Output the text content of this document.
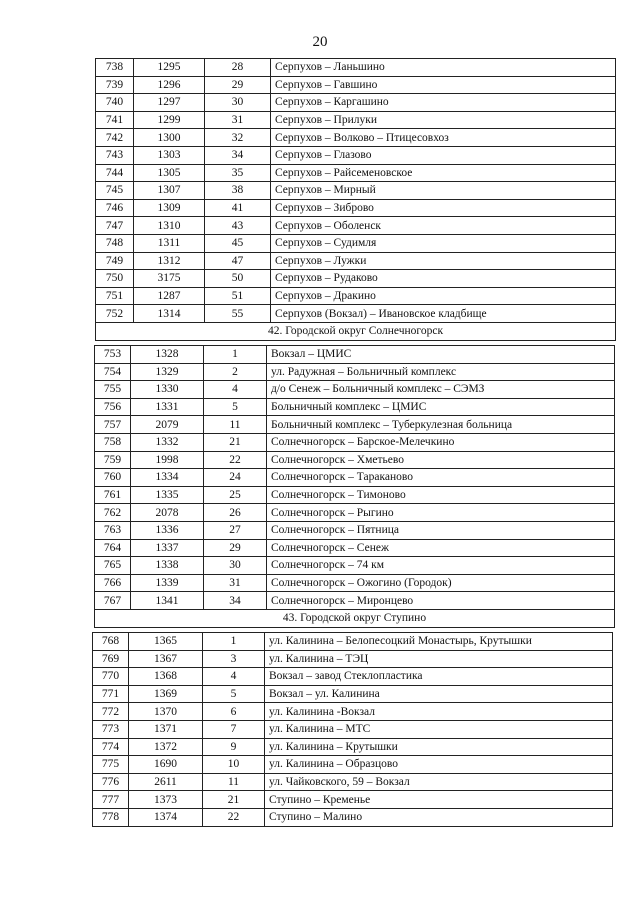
20
738	1295	28	Серпухов – Ланьшино
739	1296	29	Серпухов – Гавшино
740	1297	30	Серпухов – Каргашино
741	1299	31	Серпухов – Прилуки
742	1300	32	Серпухов – Волково – Птицесовхоз
743	1303	34	Серпухов – Глазово
744	1305	35	Серпухов – Райсеменовское
745	1307	38	Серпухов – Мирный
746	1309	41	Серпухов – Зиброво
747	1310	43	Серпухов – Оболенск
748	1311	45	Серпухов – Судимля
749	1312	47	Серпухов – Лужки
750	3175	50	Серпухов – Рудаково
751	1287	51	Серпухов – Дракино
752	1314	55	Серпухов (Вокзал) – Ивановское кладбище
42. Городской округ Солнечногорск			
753	1328	1	Вокзал – ЦМИС
754	1329	2	ул. Радужная – Больничный комплекс
755	1330	4	д/о Сенеж – Больничный комплекс – СЭМЗ
756	1331	5	Больничный комплекс – ЦМИС
757	2079	11	Больничный комплекс – Туберкулезная больница
758	1332	21	Солнечногорск – Барское-Мелечкино
759	1998	22	Солнечногорск – Хметьево
760	1334	24	Солнечногорск – Тараканово
761	1335	25	Солнечногорск – Тимоново
762	2078	26	Солнечногорск – Рыгино
763	1336	27	Солнечногорск – Пятница
764	1337	29	Солнечногорск – Сенеж
765	1338	30	Солнечногорск – 74 км
766	1339	31	Солнечногорск – Ожогино (Городок)
767	1341	34	Солнечногорск – Миронцево
43. Городской округ Ступино			
768	1365	1	ул. Калинина – Белопесоцкий Монастырь, Крутышки
769	1367	3	ул. Калинина – ТЭЦ
770	1368	4	Вокзал – завод Стеклопластика
771	1369	5	Вокзал – ул. Калинина
772	1370	6	ул. Калинина -Вокзал
773	1371	7	ул. Калинина – МТС
774	1372	9	ул. Калинина – Крутышки
775	1690	10	ул. Калинина – Образцово
776	2611	11	ул. Чайковского, 59 – Вокзал
777	1373	21	Ступино – Кременье
778	1374	22	Ступино – Малино
